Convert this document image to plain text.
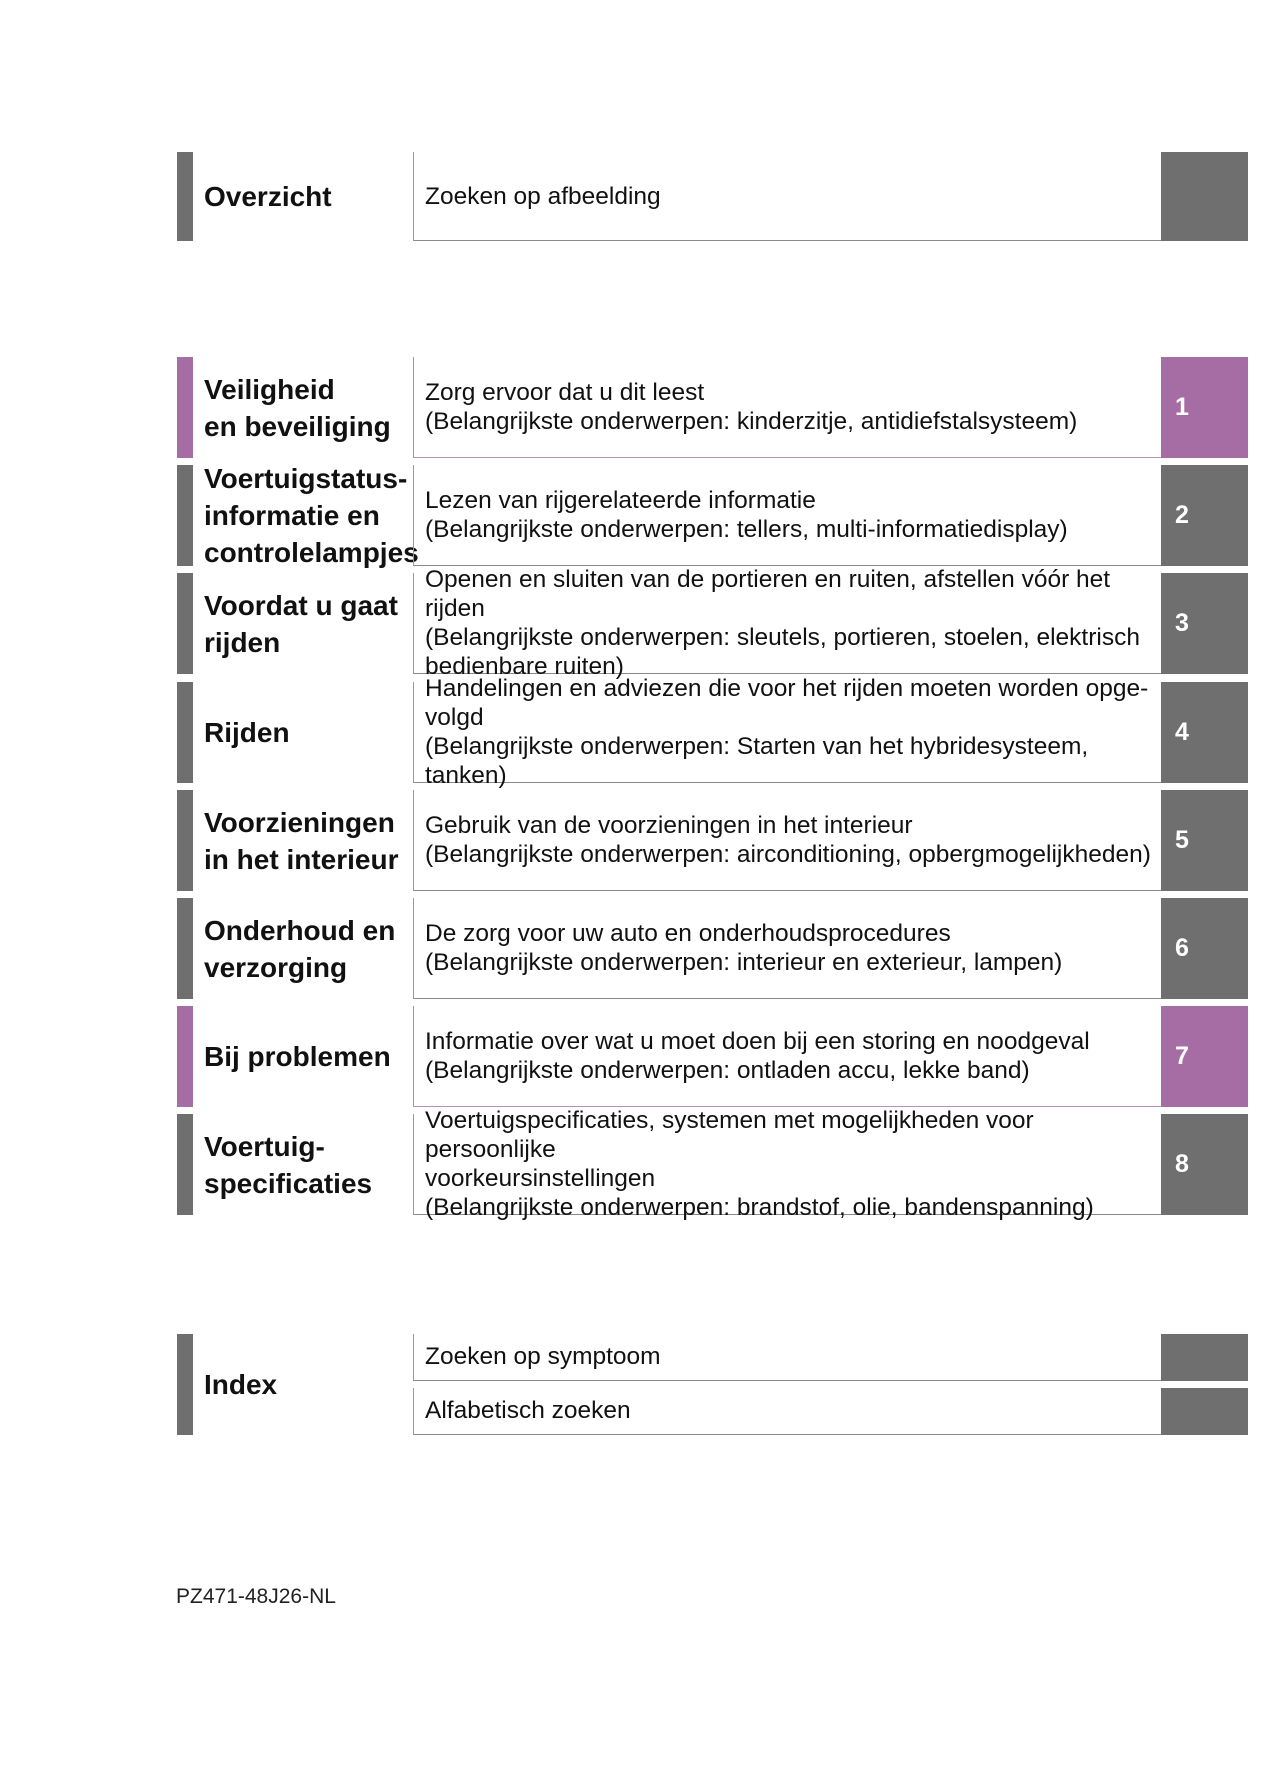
Overzicht	Zoeken op afbeelding
Veiligheid
en beveiliging
Zorg ervoor dat u dit leest
(Belangrijkste onderwerpen: kinderzitje, antidiefstalsysteem)
1
Voertuigstatus-
informatie en
controlelampjes
Lezen van rijgerelateerde informatie
(Belangrijkste onderwerpen: tellers, multi-informatiedisplay)
2
Voordat u gaat
rijden
Openen en sluiten van de portieren en ruiten, afstellen vóór het rijden
(Belangrijkste onderwerpen: sleutels, portieren, stoelen, elektrisch
bedienbare ruiten)
3
Rijden
Handelingen en adviezen die voor het rijden moeten worden opge-
volgd
(Belangrijkste onderwerpen: Starten van het hybridesysteem, tanken)
4
Voorzieningen
in het interieur
Gebruik van de voorzieningen in het interieur
(Belangrijkste onderwerpen: airconditioning, opbergmogelijkheden)
5
Onderhoud en
verzorging
De zorg voor uw auto en onderhoudsprocedures
(Belangrijkste onderwerpen: interieur en exterieur, lampen)
6
Bij problemen	Informatie over wat u moet doen bij een storing en noodgeval
(Belangrijkste onderwerpen: ontladen accu, lekke band)
7
Voertuig-
specificaties
Voertuigspecificaties, systemen met mogelijkheden voor persoonlijke
voorkeursinstellingen
(Belangrijkste onderwerpen: brandstof, olie, bandenspanning)
8
Index
Zoeken op symptoom
Alfabetisch zoeken
PZ471-48J26-NL
